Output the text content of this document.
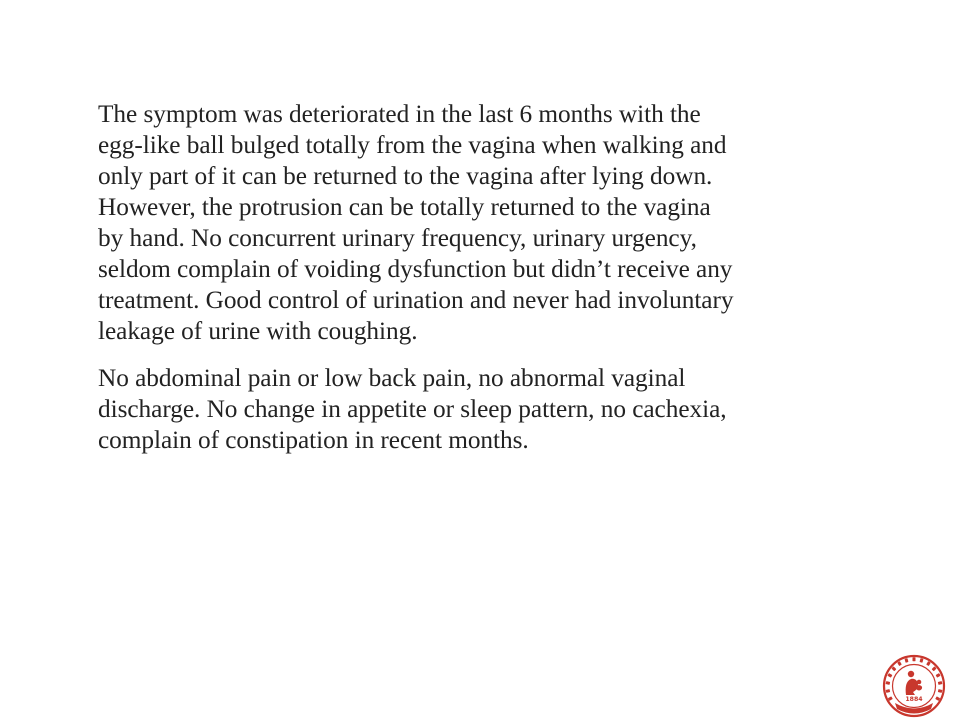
The symptom was deteriorated in the last 6 months with the
egg-like ball bulged totally from the vagina when walking and
only part of it can be returned to the vagina after lying down.
However, the protrusion can be totally returned to the vagina
by hand. No concurrent urinary frequency, urinary urgency,
seldom complain of voiding dysfunction but didn’t receive any
treatment. Good control of urination and never had involuntary
leakage of urine with coughing.

No abdominal pain or low back pain, no abnormal vaginal
discharge. No change in appetite or sleep pattern, no cachexia,
complain of constipation in recent months.

1884
